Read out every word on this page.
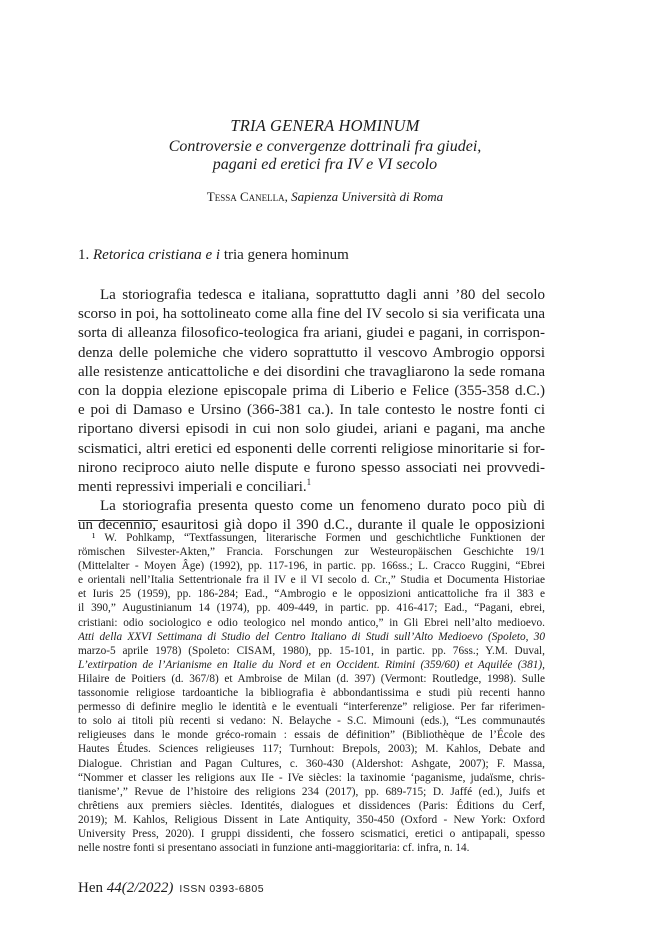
TRIA GENERA HOMINUM
Controversie e convergenze dottrinali fra giudei,
pagani ed eretici fra IV e VI secolo
Tessa Canella, Sapienza Università di Roma
1. Retorica cristiana e i tria genera hominum
La storiografia tedesca e italiana, soprattutto dagli anni ’80 del secolo
scorso in poi, ha sottolineato come alla fine del IV secolo si sia verificata una
sorta di alleanza filosofico-teologica fra ariani, giudei e pagani, in corrispon-
denza delle polemiche che videro soprattutto il vescovo Ambrogio opporsi
alle resistenze anticattoliche e dei disordini che travagliarono la sede romana
con la doppia elezione episcopale prima di Liberio e Felice (355-358 d.C.)
e poi di Damaso e Ursino (366-381 ca.). In tale contesto le nostre fonti ci
riportano diversi episodi in cui non solo giudei, ariani e pagani, ma anche
scismatici, altri eretici ed esponenti delle correnti religiose minoritarie si for-
nirono reciproco aiuto nelle dispute e furono spesso associati nei provvedi-
menti repressivi imperiali e conciliari.$^1$
La storiografia presenta questo come un fenomeno durato poco più di
un decennio, esauritosi già dopo il 390 d.C., durante il quale le opposizioni
¹ W. Pohlkamp, “Textfassungen, literarische Formen und geschichtliche Funktionen der
römischen Silvester-Akten,” Francia. Forschungen zur Westeuropäischen Geschichte 19/1
(Mittelalter - Moyen Âge) (1992), pp. 117-196, in partic. pp. 166ss.; L. Cracco Ruggini, “Ebrei
e orientali nell’Italia Settentrionale fra il IV e il VI secolo d. Cr.,” Studia et Documenta Historiae
et Iuris 25 (1959), pp. 186-284; Ead., “Ambrogio e le opposizioni anticattoliche fra il 383 e
il 390,” Augustinianum 14 (1974), pp. 409-449, in partic. pp. 416-417; Ead., “Pagani, ebrei,
cristiani: odio sociologico e odio teologico nel mondo antico,” in Gli Ebrei nell’alto medioevo.
Atti della XXVI Settimana di Studio del Centro Italiano di Studi sull’Alto Medioevo (Spoleto, 30
marzo-5 aprile 1978) (Spoleto: CISAM, 1980), pp. 15-101, in partic. pp. 76ss.; Y.M. Duval,
L’extirpation de l’Arianisme en Italie du Nord et en Occident. Rimini (359/60) et Aquilée (381),
Hilaire de Poitiers (d. 367/8) et Ambroise de Milan (d. 397) (Vermont: Routledge, 1998). Sulle
tassonomie religiose tardoantiche la bibliografia è abbondantissima e studi più recenti hanno
permesso di definire meglio le identità e le eventuali “interferenze” religiose. Per far riferimen-
to solo ai titoli più recenti si vedano: N. Belayche - S.C. Mimouni (eds.), “Les communautés
religieuses dans le monde gréco-romain : essais de définition” (Bibliothèque de l’École des
Hautes Études. Sciences religieuses 117; Turnhout: Brepols, 2003); M. Kahlos, Debate and
Dialogue. Christian and Pagan Cultures, c. 360-430 (Aldershot: Ashgate, 2007); F. Massa,
“Nommer et classer les religions aux IIe - IVe siècles: la taxinomie ‘paganisme, judaïsme, chris-
tianisme’,” Revue de l’histoire des religions 234 (2017), pp. 689-715; D. Jaffé (ed.), Juifs et
chrêtiens aux premiers siècles. Identités, dialogues et dissidences (Paris: Éditions du Cerf,
2019); M. Kahlos, Religious Dissent in Late Antiquity, 350-450 (Oxford - New York: Oxford
University Press, 2020). I gruppi dissidenti, che fossero scismatici, eretici o antipapali, spesso
nelle nostre fonti si presentano associati in funzione anti-maggioritaria: cf. infra, n. 14.
Hen 44(2/2022) ISSN 0393-6805
